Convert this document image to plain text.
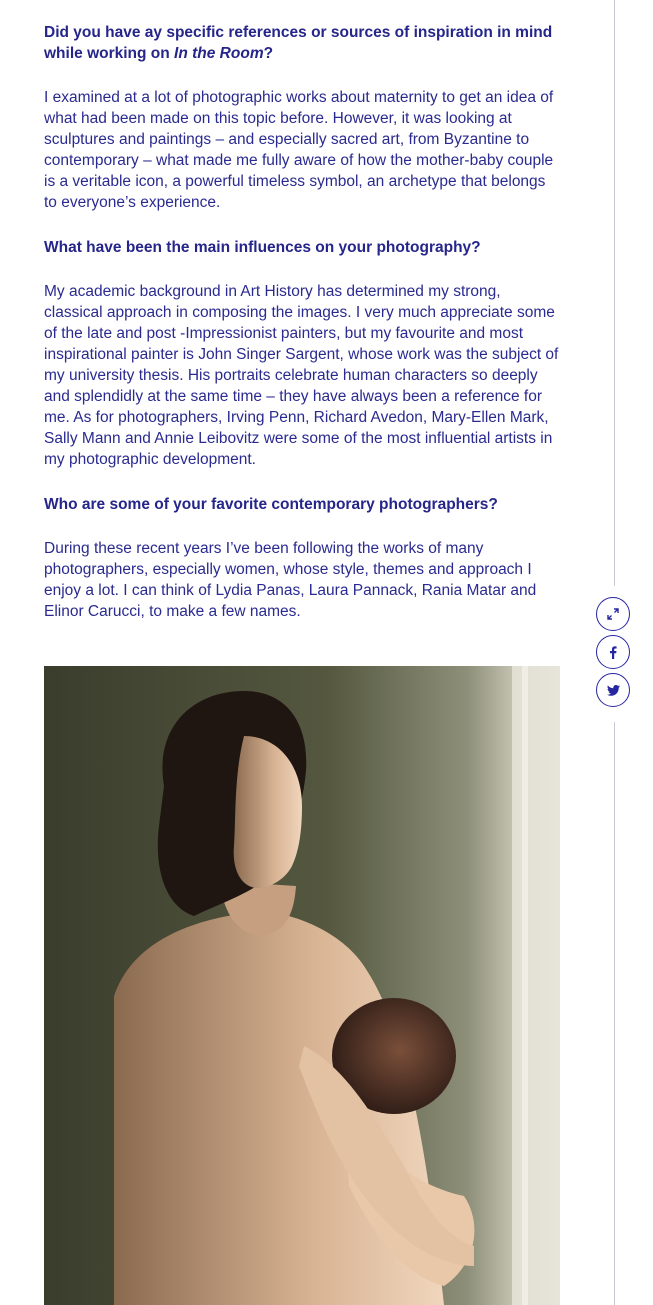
Did you have ay specific references or sources of inspiration in mind while working on In the Room?

I examined at a lot of photographic works about maternity to get an idea of what had been made on this topic before. However, it was looking at sculptures and paintings – and especially sacred art, from Byzantine to contemporary – what made me fully aware of how the mother-baby couple is a veritable icon, a powerful timeless symbol, an archetype that belongs to everyone’s experience.

What have been the main influences on your photography?

My academic background in Art History has determined my strong, classical approach in composing the images. I very much appreciate some of the late and post -Impressionist painters, but my favourite and most inspirational painter is John Singer Sargent, whose work was the subject of my university thesis. His portraits celebrate human characters so deeply and splendidly at the same time – they have always been a reference for me. As for photographers, Irving Penn, Richard Avedon, Mary-Ellen Mark, Sally Mann and Annie Leibovitz were some of the most influential artists in my photographic development.

Who are some of your favorite contemporary photographers?

During these recent years I’ve been following the works of many photographers, especially women, whose style, themes and approach I enjoy a lot. I can think of Lydia Panas, Laura Pannack, Rania Matar and Elinor Carucci, to make a few names.
